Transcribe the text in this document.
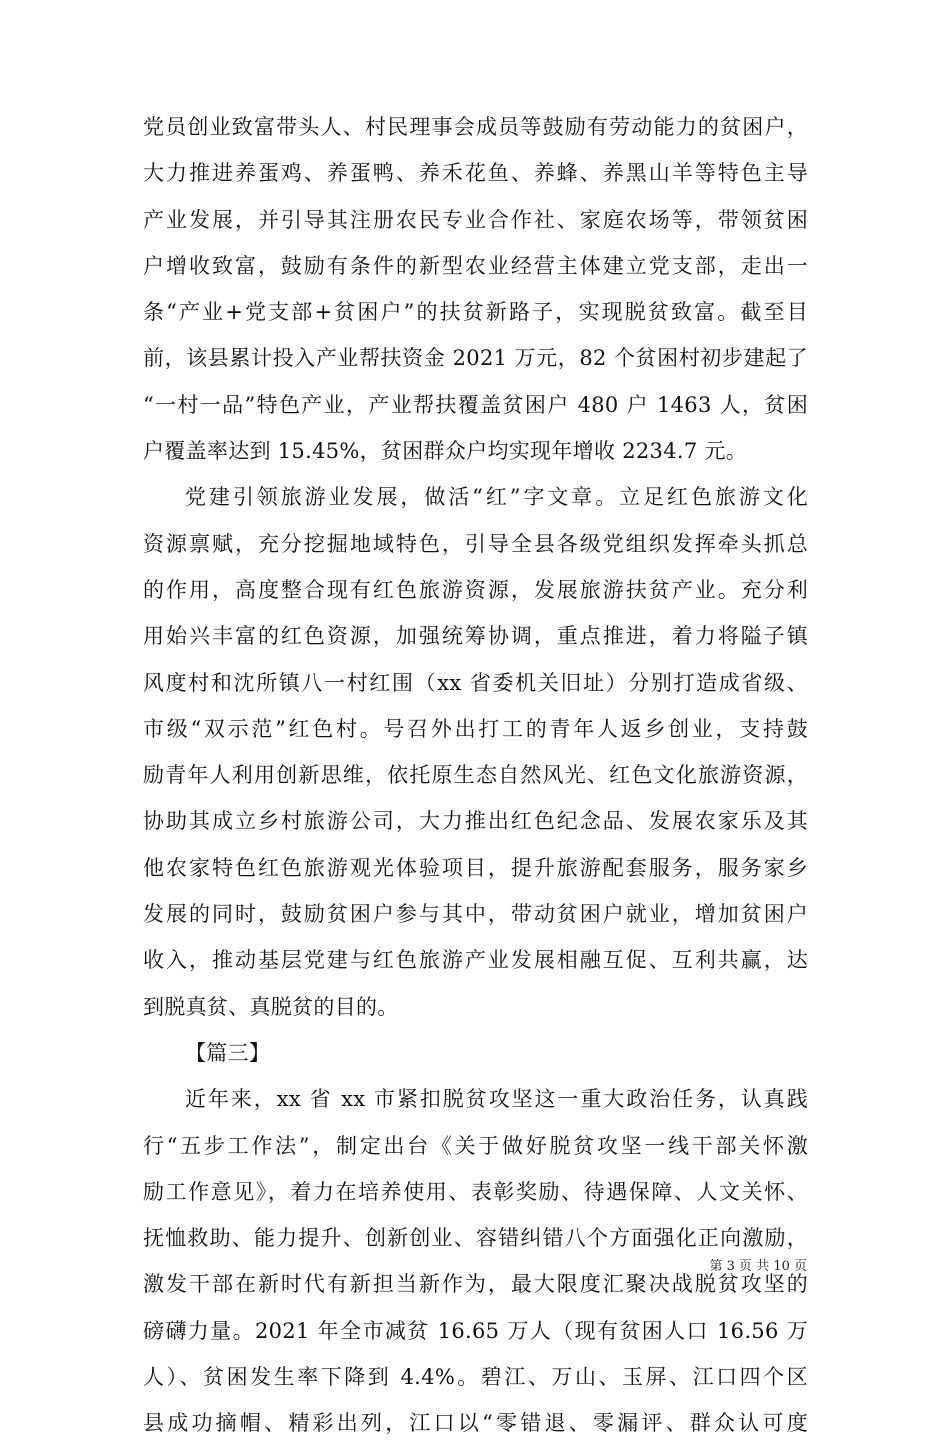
党员创业致富带头人、村民理事会成员等鼓励有劳动能力的贫困户，
大力推进养蛋鸡、养蛋鸭、养禾花鱼、养蜂、养黑山羊等特色主导
产业发展，并引导其注册农民专业合作社、家庭农场等，带领贫困
户增收致富，鼓励有条件的新型农业经营主体建立党支部，走出一
条“产业+党支部+贫困户”的扶贫新路子，实现脱贫致富。截至目
前，该县累计投入产业帮扶资金 2021 万元，82 个贫困村初步建起了
“一村一品”特色产业，产业帮扶覆盖贫困户 480 户 1463 人，贫困
户覆盖率达到 15.45%，贫困群众户均实现年增收 2234.7 元。
党建引领旅游业发展，做活“红”字文章。立足红色旅游文化
资源禀赋，充分挖掘地域特色，引导全县各级党组织发挥牵头抓总
的作用，高度整合现有红色旅游资源，发展旅游扶贫产业。充分利
用始兴丰富的红色资源，加强统筹协调，重点推进，着力将隘子镇
风度村和沈所镇八一村红围（xx 省委机关旧址）分别打造成省级、
市级“双示范”红色村。号召外出打工的青年人返乡创业，支持鼓
励青年人利用创新思维，依托原生态自然风光、红色文化旅游资源，
协助其成立乡村旅游公司，大力推出红色纪念品、发展农家乐及其
他农家特色红色旅游观光体验项目，提升旅游配套服务，服务家乡
发展的同时，鼓励贫困户参与其中，带动贫困户就业，增加贫困户
收入，推动基层党建与红色旅游产业发展相融互促、互利共赢，达
到脱真贫、真脱贫的目的。
【篇三】
近年来，xx 省 xx 市紧扣脱贫攻坚这一重大政治任务，认真践
行“五步工作法”，制定出台《关于做好脱贫攻坚一线干部关怀激
励工作意见》，着力在培养使用、表彰奖励、待遇保障、人文关怀、
抚恤救助、能力提升、创新创业、容错纠错八个方面强化正向激励，
激发干部在新时代有新担当新作为，最大限度汇聚决战脱贫攻坚的
磅礴力量。2021 年全市减贫 16.65 万人（现有贫困人口 16.56 万
人）、贫困发生率下降到 4.4%。碧江、万山、玉屏、江口四个区
县成功摘帽、精彩出列，江口以“零错退、零漏评、群众认可度
第 3 页 共 10 页
